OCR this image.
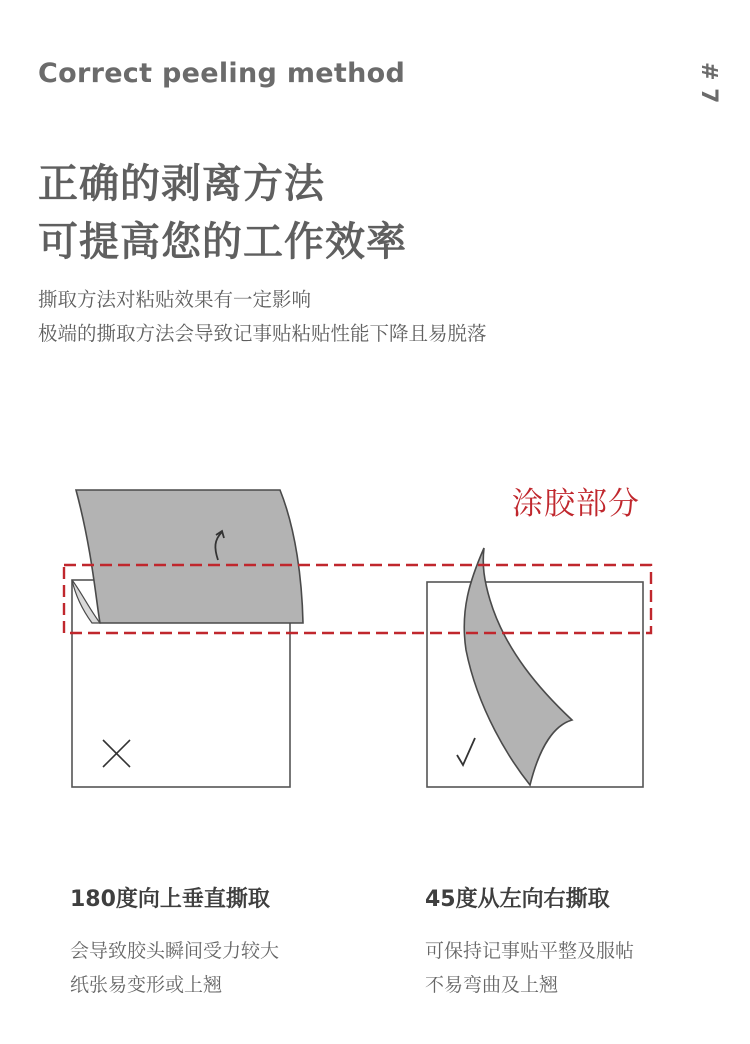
Correct peeling method	# 7
正确的剥离方法
可提高您的工作效率
撕取方法对粘贴效果有一定影响
极端的撕取方法会导致记事贴粘贴性能下降且易脱落
涂胶部分
180度向上垂直撕取
会导致胶头瞬间受力较大
纸张易变形或上翘
45度从左向右撕取
可保持记事贴平整及服帖
不易弯曲及上翘
